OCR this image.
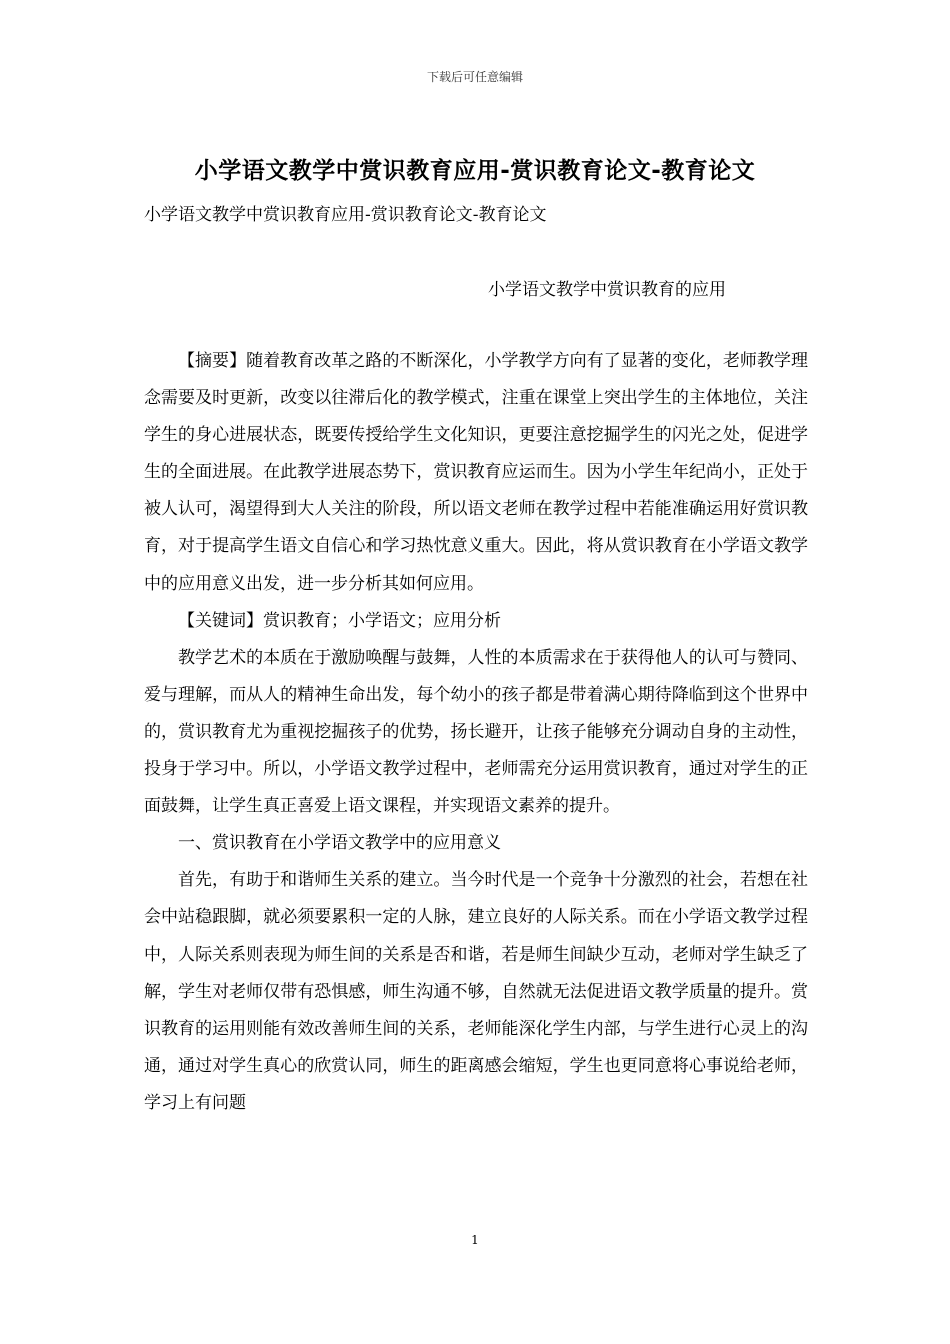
下载后可任意编辑
小学语文教学中赏识教育应用-赏识教育论文-教育论文
小学语文教学中赏识教育应用-赏识教育论文-教育论文
小学语文教学中赏识教育的应用

【摘要】随着教育改革之路的不断深化，小学教学方向有了显著的变化，老师教学理念需要及时更新，改变以往滞后化的教学模式，注重在课堂上突出学生的主体地位，关注学生的身心进展状态，既要传授给学生文化知识，更要注意挖掘学生的闪光之处，促进学生的全面进展。在此教学进展态势下，赏识教育应运而生。因为小学生年纪尚小，正处于被人认可，渴望得到大人关注的阶段，所以语文老师在教学过程中若能准确运用好赏识教育，对于提高学生语文自信心和学习热忱意义重大。因此，将从赏识教育在小学语文教学中的应用意义出发，进一步分析其如何应用。

【关键词】赏识教育；小学语文；应用分析

教学艺术的本质在于激励唤醒与鼓舞，人性的本质需求在于获得他人的认可与赞同、爱与理解，而从人的精神生命出发，每个幼小的孩子都是带着满心期待降临到这个世界中的，赏识教育尤为重视挖掘孩子的优势，扬长避开，让孩子能够充分调动自身的主动性，投身于学习中。所以，小学语文教学过程中，老师需充分运用赏识教育，通过对学生的正面鼓舞，让学生真正喜爱上语文课程，并实现语文素养的提升。

一、赏识教育在小学语文教学中的应用意义

首先，有助于和谐师生关系的建立。当今时代是一个竞争十分激烈的社会，若想在社会中站稳跟脚，就必须要累积一定的人脉，建立良好的人际关系。而在小学语文教学过程中，人际关系则表现为师生间的关系是否和谐，若是师生间缺少互动，老师对学生缺乏了解，学生对老师仅带有恐惧感，师生沟通不够，自然就无法促进语文教学质量的提升。赏识教育的运用则能有效改善师生间的关系，老师能深化学生内部，与学生进行心灵上的沟通，通过对学生真心的欣赏认同，师生的距离感会缩短，学生也更同意将心事说给老师，学习上有问题

1
